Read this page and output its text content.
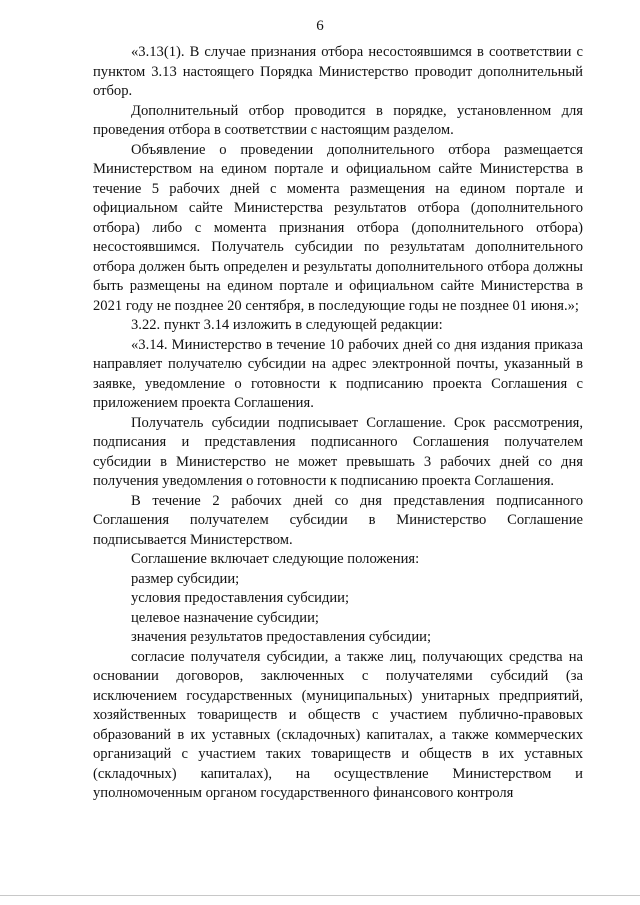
6

«3.13(1). В случае признания отбора несостоявшимся в соответствии с пунктом 3.13 настоящего Порядка Министерство проводит дополнительный отбор.

Дополнительный отбор проводится в порядке, установленном для проведения отбора в соответствии с настоящим разделом.

Объявление о проведении дополнительного отбора размещается Министерством на едином портале и официальном сайте Министерства в течение 5 рабочих дней с момента размещения на едином портале и официальном сайте Министерства результатов отбора (дополнительного отбора) либо с момента признания отбора (дополнительного отбора) несостоявшимся. Получатель субсидии по результатам дополнительного отбора должен быть определен и результаты дополнительного отбора должны быть размещены на едином портале и официальном сайте Министерства в 2021 году не позднее 20 сентября, в последующие годы не позднее 01 июня.»;

3.22. пункт 3.14 изложить в следующей редакции:

«3.14. Министерство в течение 10 рабочих дней со дня издания приказа направляет получателю субсидии на адрес электронной почты, указанный в заявке, уведомление о готовности к подписанию проекта Соглашения с приложением проекта Соглашения.

Получатель субсидии подписывает Соглашение. Срок рассмотрения, подписания и представления подписанного Соглашения получателем субсидии в Министерство не может превышать 3 рабочих дней со дня получения уведомления о готовности к подписанию проекта Соглашения.

В течение 2 рабочих дней со дня представления подписанного Соглашения получателем субсидии в Министерство Соглашение подписывается Министерством.

Соглашение включает следующие положения:

размер субсидии;

условия предоставления субсидии;

целевое назначение субсидии;

значения результатов предоставления субсидии;

согласие получателя субсидии, а также лиц, получающих средства на основании договоров, заключенных с получателями субсидий (за исключением государственных (муниципальных) унитарных предприятий, хозяйственных товариществ и обществ с участием публично-правовых образований в их уставных (складочных) капиталах, а также коммерческих организаций с участием таких товариществ и обществ в их уставных (складочных) капиталах), на осуществление Министерством и уполномоченным органом государственного финансового контроля
